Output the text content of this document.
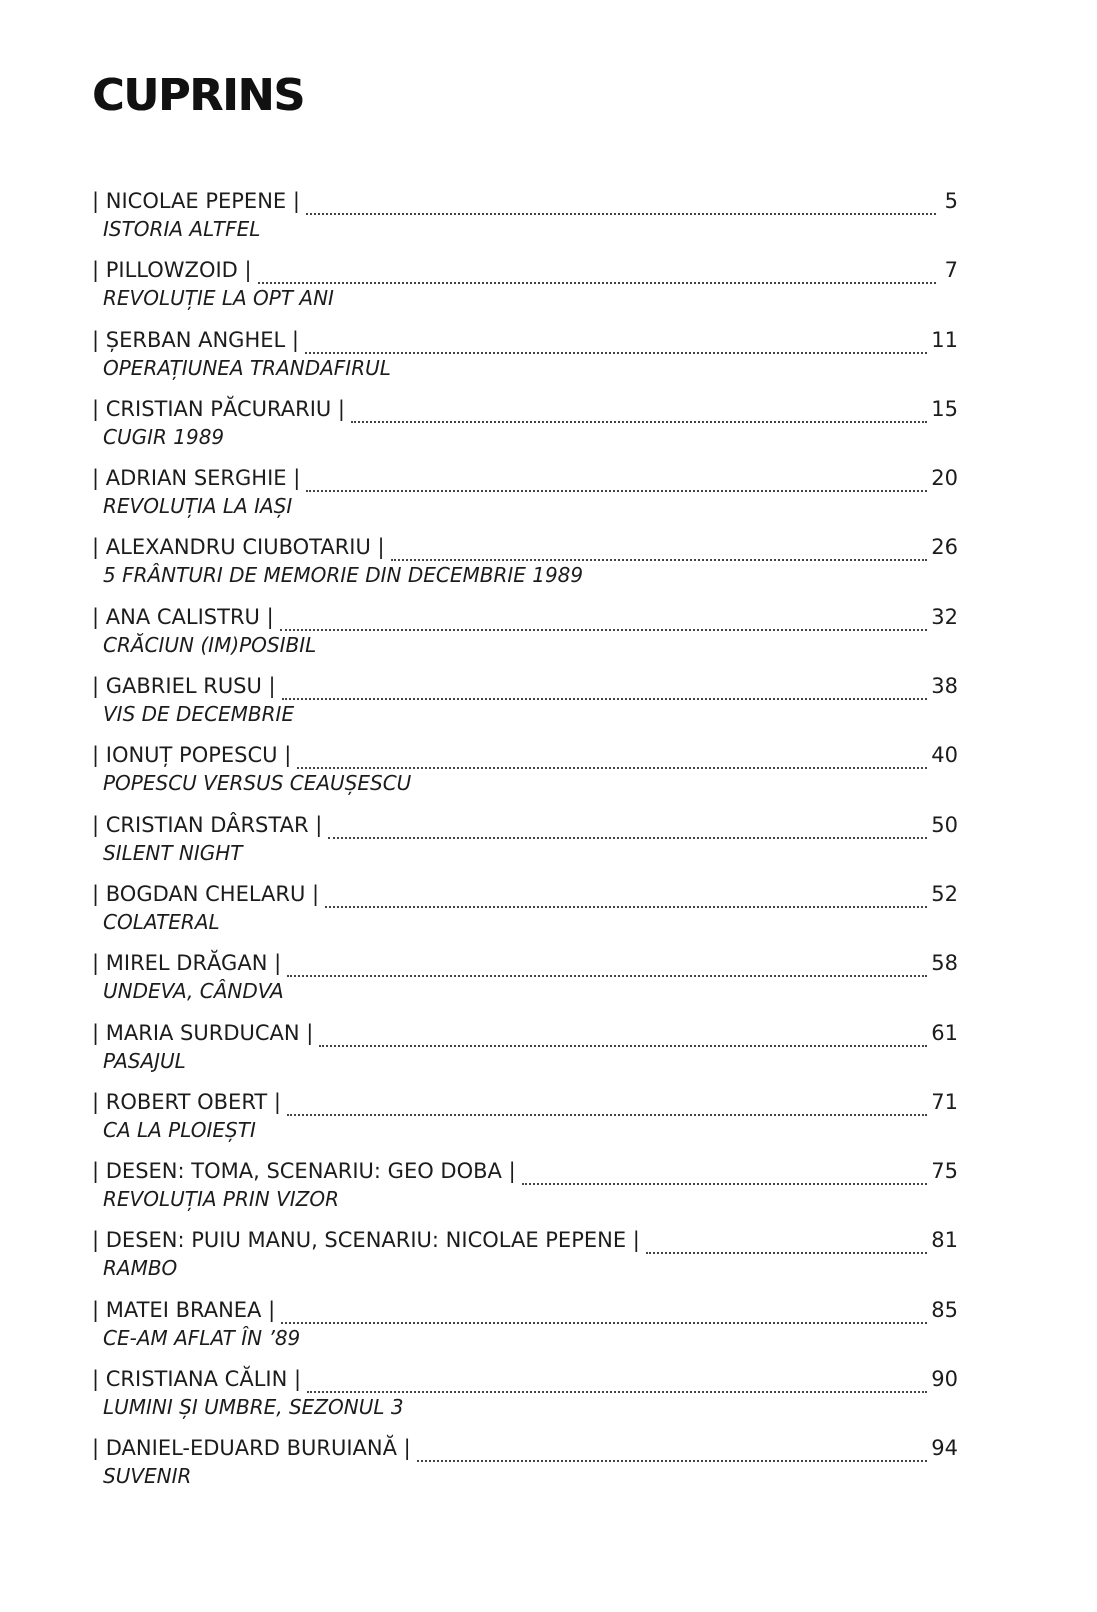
CUPRINS
| NICOLAE PEPENE |	5
ISTORIA ALTFEL
| PILLOWZOID |	7
REVOLUȚIE LA OPT ANI
| ȘERBAN ANGHEL |	11
OPERAȚIUNEA TRANDAFIRUL
| CRISTIAN PĂCURARIU |	15
CUGIR 1989
| ADRIAN SERGHIE |	20
REVOLUȚIA LA IAȘI
| ALEXANDRU CIUBOTARIU |	26
5 FRÂNTURI DE MEMORIE DIN DECEMBRIE 1989
| ANA CALISTRU |	32
CRĂCIUN (IM)POSIBIL
| GABRIEL RUSU |	38
VIS DE DECEMBRIE
| IONUȚ POPESCU |	40
POPESCU VERSUS CEAUȘESCU
| CRISTIAN DÂRSTAR |	50
SILENT NIGHT
| BOGDAN CHELARU |	52
COLATERAL
| MIREL DRĂGAN |	58
UNDEVA, CÂNDVA
| MARIA SURDUCAN |	61
PASAJUL
| ROBERT OBERT |	71
CA LA PLOIEȘTI
| DESEN: TOMA, SCENARIU: GEO DOBA |	75
REVOLUȚIA PRIN VIZOR
| DESEN: PUIU MANU, SCENARIU: NICOLAE PEPENE |	81
RAMBO
| MATEI BRANEA |	85
CE-AM AFLAT ÎN ’89
| CRISTIANA CĂLIN |	90
LUMINI ȘI UMBRE, SEZONUL 3
| DANIEL-EDUARD BURUIANĂ |	94
SUVENIR
